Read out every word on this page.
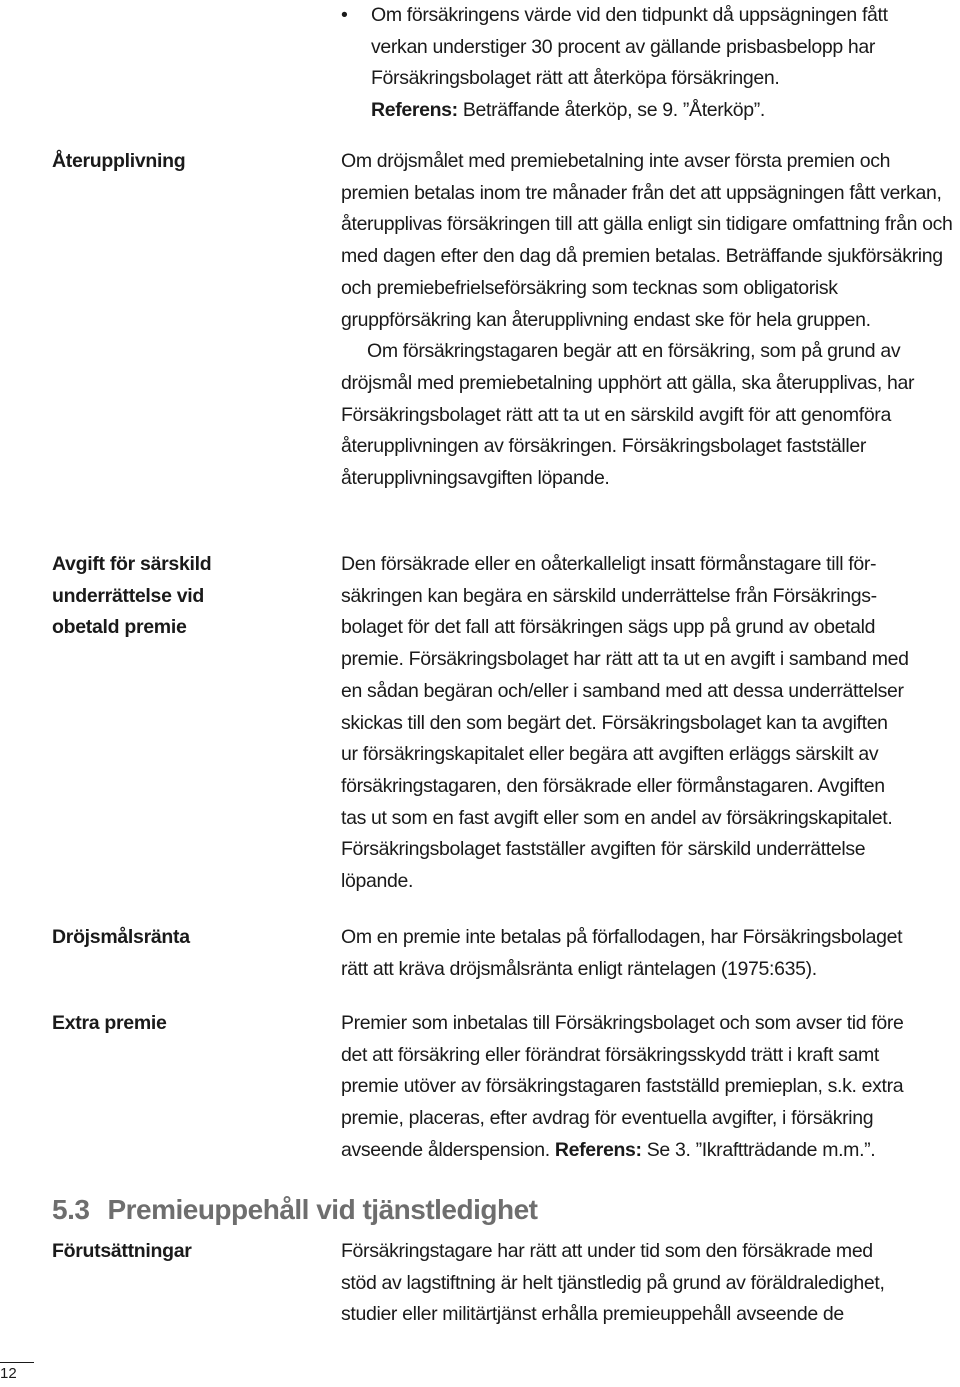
•	Om försäkringens värde vid den tidpunkt då uppsägningen fått
verkan understiger 30 procent av gällande prisbasbelopp har
Försäkringsbolaget rätt att återköpa försäkringen.
Referens: Beträffande återköp, se 9. ”Återköp”.
Återupplivning	Om dröjsmålet med premiebetalning inte avser första premien och premien betalas inom tre månader från det att uppsägningen fått verkan, återupplivas försäkringen till att gälla enligt sin tidigare omfattning från och med dagen efter den dag då premien betalas. Beträffande sjukförsäkring och premiebefrielseförsäkring som tecknas som obligatorisk gruppförsäkring kan återupplivning endast ske för hela gruppen.

Om försäkringstagaren begär att en försäkring, som på grund av dröjsmål med premiebetalning upphört att gälla, ska återupplivas, har Försäkringsbolaget rätt att ta ut en särskild avgift för att genomföra återupplivningen av försäkringen. Försäkringsbolaget fastställer återupplivningsavgiften löpande.

Avgift för särskild
underrättelse vid
obetald premie
Den försäkrade eller en oåterkalleligt insatt förmånstagare till för-
säkringen kan begära en särskild underrättelse från Försäkrings-
bolaget för det fall att försäkringen sägs upp på grund av obetald
premie. Försäkringsbolaget har rätt att ta ut en avgift i samband med
en sådan begäran och/eller i samband med att dessa underrättelser
skickas till den som begärt det. Försäkringsbolaget kan ta avgiften
ur försäkringskapitalet eller begära att avgiften erläggs särskilt av
försäkringstagaren, den försäkrade eller förmånstagaren. Avgiften
tas ut som en fast avgift eller som en andel av försäkringskapitalet.
Försäkringsbolaget fastställer avgiften för särskild underrättelse
löpande.
Dröjsmålsränta	Om en premie inte betalas på förfallodagen, har Försäkringsbolaget
rätt att kräva dröjsmålsränta enligt räntelagen (1975:635).
Extra premie	Premier som inbetalas till Försäkringsbolaget och som avser tid före
det att försäkring eller förändrat försäkringsskydd trätt i kraft samt
premie utöver av försäkringstagaren fastställd premieplan, s.k. extra
premie, placeras, efter avdrag för eventuella avgifter, i försäkring
avseende ålderspension. Referens: Se 3. ”Ikraftträdande m.m.”.
5.3 Premieuppehåll vid tjänstledighet
Förutsättningar	Försäkringstagare har rätt att under tid som den försäkrade med
stöd av lagstiftning är helt tjänstledig på grund av föräldraledighet,
studier eller militärtjänst erhålla premieuppehåll avseende de
12
